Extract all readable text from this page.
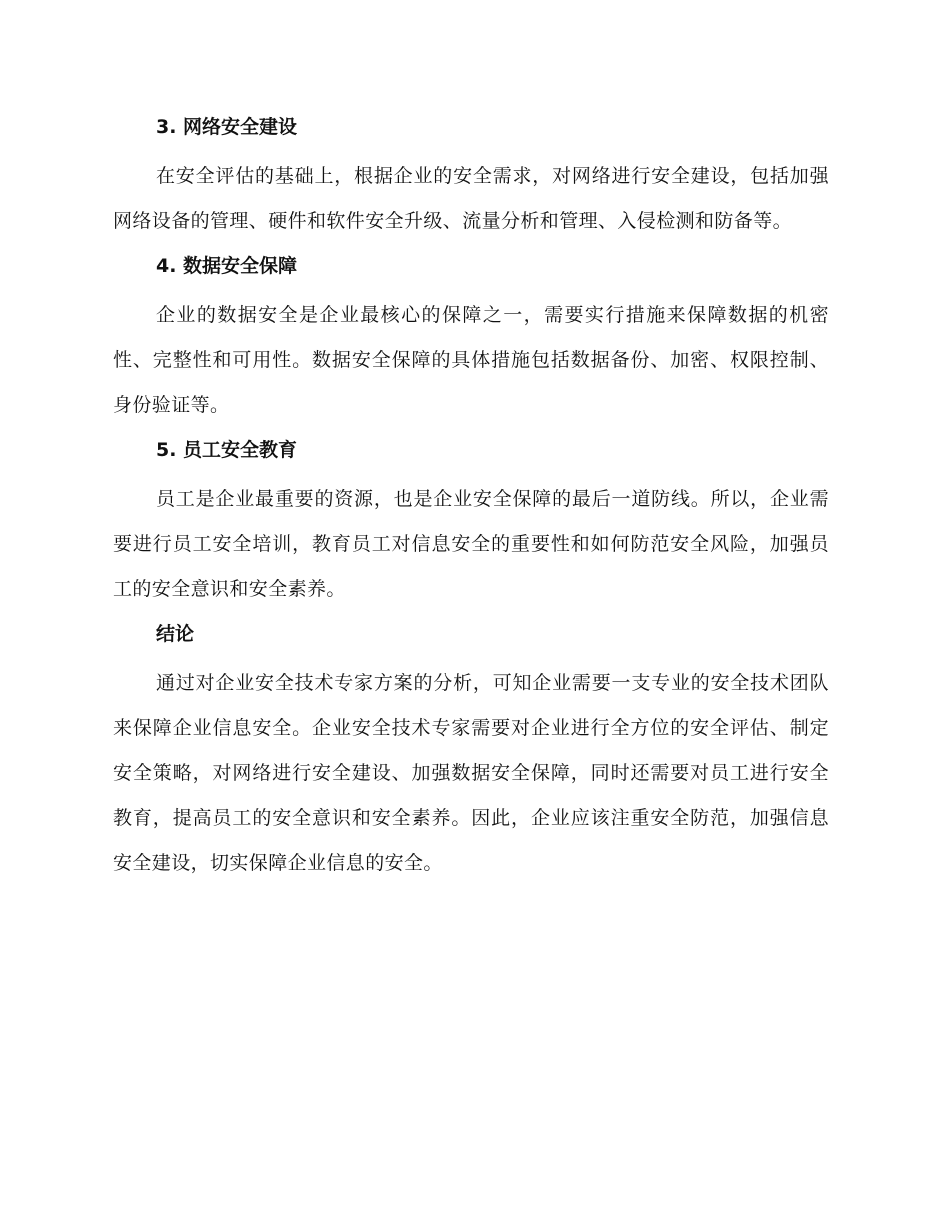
3. 网络安全建设

在安全评估的基础上，根据企业的安全需求，对网络进行安全建设，包括加强网络设备的管理、硬件和软件安全升级、流量分析和管理、入侵检测和防备等。

4. 数据安全保障

企业的数据安全是企业最核心的保障之一，需要实行措施来保障数据的机密性、完整性和可用性。数据安全保障的具体措施包括数据备份、加密、权限控制、身份验证等。

5. 员工安全教育

员工是企业最重要的资源，也是企业安全保障的最后一道防线。所以，企业需要进行员工安全培训，教育员工对信息安全的重要性和如何防范安全风险，加强员工的安全意识和安全素养。

结论

通过对企业安全技术专家方案的分析，可知企业需要一支专业的安全技术团队来保障企业信息安全。企业安全技术专家需要对企业进行全方位的安全评估、制定安全策略，对网络进行安全建设、加强数据安全保障，同时还需要对员工进行安全教育，提高员工的安全意识和安全素养。因此，企业应该注重安全防范，加强信息安全建设，切实保障企业信息的安全。
